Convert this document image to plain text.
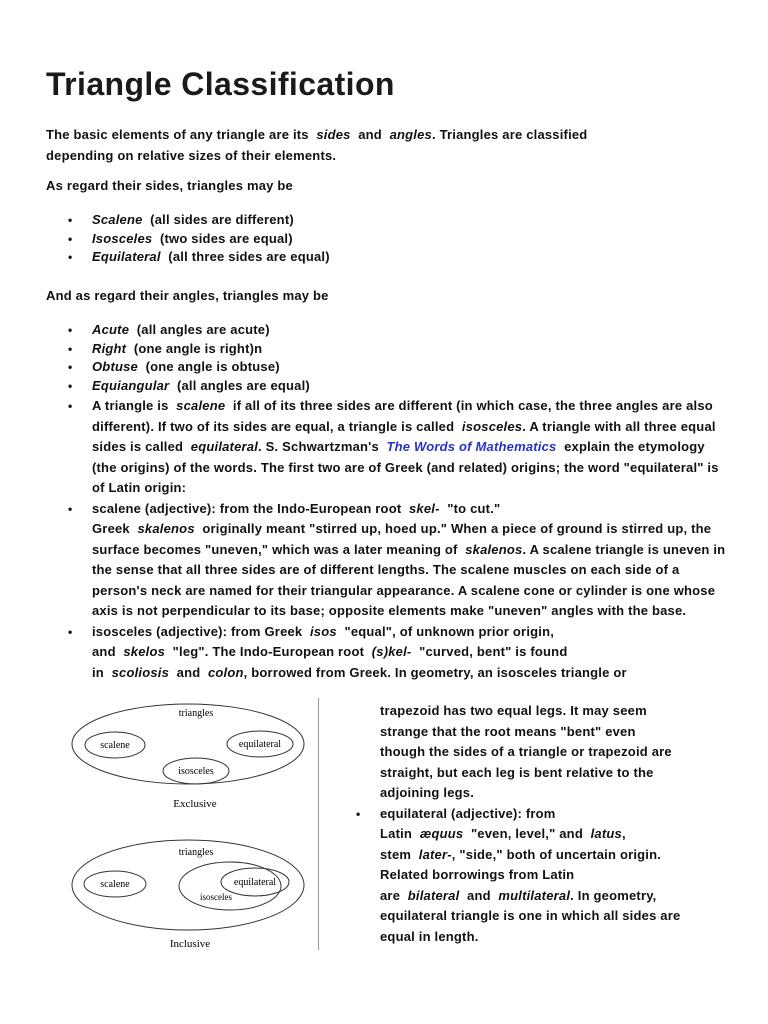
Triangle Classification

The basic elements of any triangle are its sides and angles. Triangles are classified
depending on relative sizes of their elements.

As regard their sides, triangles may be

• Scalene (all sides are different)
• Isosceles (two sides are equal)
• Equilateral (all three sides are equal)

And as regard their angles, triangles may be

• Acute (all angles are acute)
• Right (one angle is right)n
• Obtuse (one angle is obtuse)
• Equiangular (all angles are equal)
• A triangle is scalene if all of its three sides are different (in which case, the three angles are also different). If two of its sides are equal, a triangle is called isosceles. A triangle with all three equal sides is called equilateral. S. Schwartzman's The Words of Mathematics explain the etymology (the origins) of the words. The first two are of Greek (and related) origins; the word "equilateral" is of Latin origin:
• scalene (adjective): from the Indo-European root skel- "to cut."
Greek skalenos originally meant "stirred up, hoed up." When a piece of ground is stirred up, the surface becomes "uneven," which was a later meaning of skalenos. A scalene triangle is uneven in the sense that all three sides are of different lengths. The scalene muscles on each side of a person's neck are named for their triangular appearance. A scalene cone or cylinder is one whose axis is not perpendicular to its base; opposite elements make "uneven" angles with the base.
• isosceles (adjective): from Greek isos "equal", of unknown prior origin,
and skelos "leg". The Indo-European root (s)kel- "curved, bent" is found
in scoliosis and colon, borrowed from Greek. In geometry, an isosceles triangle or
triangles
scalene	equilateral
isosceles
Exclusive
triangles
scalene	equilateral
isosceles
Inclusive
trapezoid has two equal legs. It may seem
strange that the root means "bent" even
though the sides of a triangle or trapezoid are
straight, but each leg is bent relative to the
adjoining legs.
• equilateral (adjective): from
Latin æquus "even, level," and latus,
stem later-, "side," both of uncertain origin.
Related borrowings from Latin
are bilateral and multilateral. In geometry,
equilateral triangle is one in which all sides are
equal in length.
